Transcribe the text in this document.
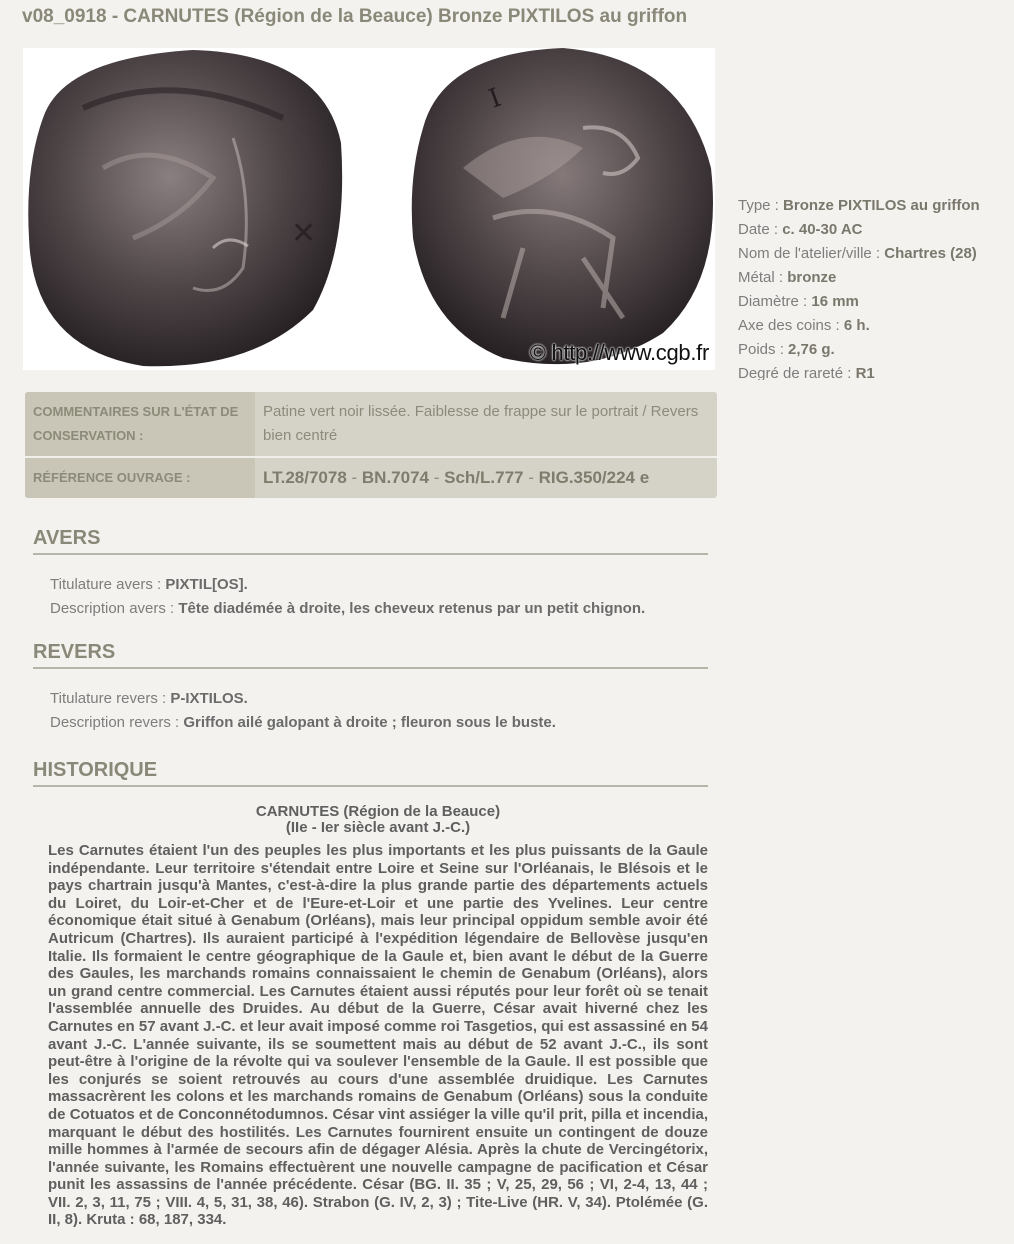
v08_0918 - CARNUTES (Région de la Beauce) Bronze PIXTILOS au griffon
✕
I
© http://www.cgb.fr
Type : Bronze PIXTILOS au griffon
Date : c. 40-30 AC
Nom de l'atelier/ville : Chartres (28)
Métal : bronze
Diamètre : 16 mm
Axe des coins : 6 h.
Poids : 2,76 g.
Degré de rareté : R1
COMMENTAIRES SUR L'ÉTAT DE CONSERVATION :
Patine vert noir lissée. Faiblesse de frappe sur le portrait / Revers bien centré
RÉFÉRENCE OUVRAGE :	LT.28/7078 - BN.7074 - Sch/L.777 - RIG.350/224 e
AVERS
Titulature avers : PIXTIL[OS].
Description avers : Tête diadémée à droite, les cheveux retenus par un petit chignon.
REVERS
Titulature revers : P-IXTILOS.
Description revers : Griffon ailé galopant à droite ; fleuron sous le buste.
HISTORIQUE
CARNUTES (Région de la Beauce)
(IIe - Ier siècle avant J.-C.)

Les Carnutes étaient l'un des peuples les plus importants et les plus puissants de la Gaule indépendante. Leur territoire s'étendait entre Loire et Seine sur l'Orléanais, le Blésois et le pays chartrain jusqu'à Mantes, c'est-à-dire la plus grande partie des départements actuels du Loiret, du Loir-et-Cher et de l'Eure-et-Loir et une partie des Yvelines. Leur centre économique était situé à Genabum (Orléans), mais leur principal oppidum semble avoir été Autricum (Chartres). Ils auraient participé à l'expédition légendaire de Bellovèse jusqu'en Italie. Ils formaient le centre géographique de la Gaule et, bien avant le début de la Guerre des Gaules, les marchands romains connaissaient le chemin de Genabum (Orléans), alors un grand centre commercial. Les Carnutes étaient aussi réputés pour leur forêt où se tenait l'assemblée annuelle des Druides. Au début de la Guerre, César avait hiverné chez les Carnutes en 57 avant J.-C. et leur avait imposé comme roi Tasgetios, qui est assassiné en 54 avant J.-C. L'année suivante, ils se soumettent mais au début de 52 avant J.-C., ils sont peut-être à l'origine de la révolte qui va soulever l'ensemble de la Gaule. Il est possible que les conjurés se soient retrouvés au cours d'une assemblée druidique. Les Carnutes massacrèrent les colons et les marchands romains de Genabum (Orléans) sous la conduite de Cotuatos et de Conconnétodumnos. César vint assiéger la ville qu'il prit, pilla et incendia, marquant le début des hostilités. Les Carnutes fournirent ensuite un contingent de douze mille hommes à l'armée de secours afin de dégager Alésia. Après la chute de Vercingétorix, l'année suivante, les Romains effectuèrent une nouvelle campagne de pacification et César punit les assassins de l'année précédente. César (BG. II. 35 ; V, 25, 29, 56 ; VI, 2-4, 13, 44 ; VII. 2, 3, 11, 75 ; VIII. 4, 5, 31, 38, 46). Strabon (G. IV, 2, 3) ; Tite-Live (HR. V, 34). Ptolémée (G. II, 8). Kruta : 68, 187, 334.
